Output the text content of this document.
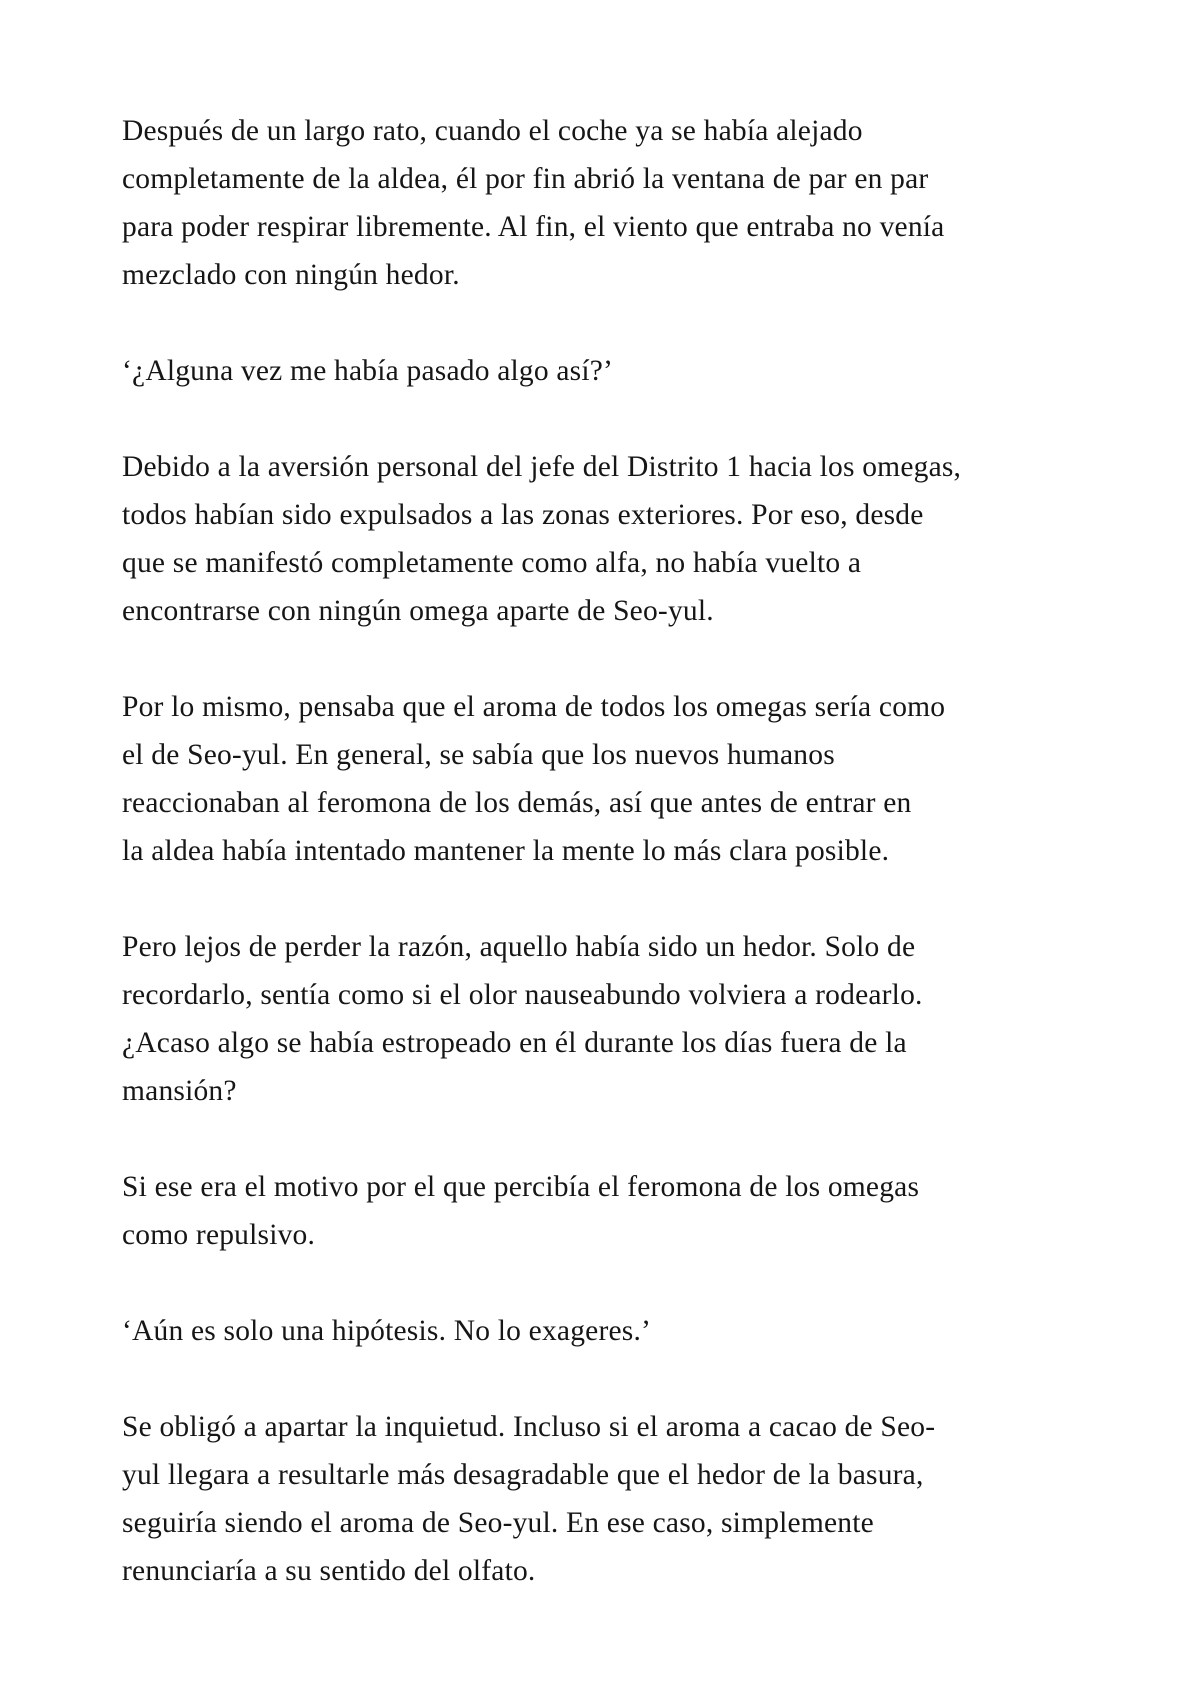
Después de un largo rato, cuando el coche ya se había alejado
completamente de la aldea, él por fin abrió la ventana de par en par
para poder respirar libremente. Al fin, el viento que entraba no venía
mezclado con ningún hedor.

‘¿Alguna vez me había pasado algo así?’

Debido a la aversión personal del jefe del Distrito 1 hacia los omegas,
todos habían sido expulsados a las zonas exteriores. Por eso, desde
que se manifestó completamente como alfa, no había vuelto a
encontrarse con ningún omega aparte de Seo-yul.

Por lo mismo, pensaba que el aroma de todos los omegas sería como
el de Seo-yul. En general, se sabía que los nuevos humanos
reaccionaban al feromona de los demás, así que antes de entrar en
la aldea había intentado mantener la mente lo más clara posible.

Pero lejos de perder la razón, aquello había sido un hedor. Solo de
recordarlo, sentía como si el olor nauseabundo volviera a rodearlo.
¿Acaso algo se había estropeado en él durante los días fuera de la
mansión?

Si ese era el motivo por el que percibía el feromona de los omegas
como repulsivo.

‘Aún es solo una hipótesis. No lo exageres.’

Se obligó a apartar la inquietud. Incluso si el aroma a cacao de Seo-
yul llegara a resultarle más desagradable que el hedor de la basura,
seguiría siendo el aroma de Seo-yul. En ese caso, simplemente
renunciaría a su sentido del olfato.
